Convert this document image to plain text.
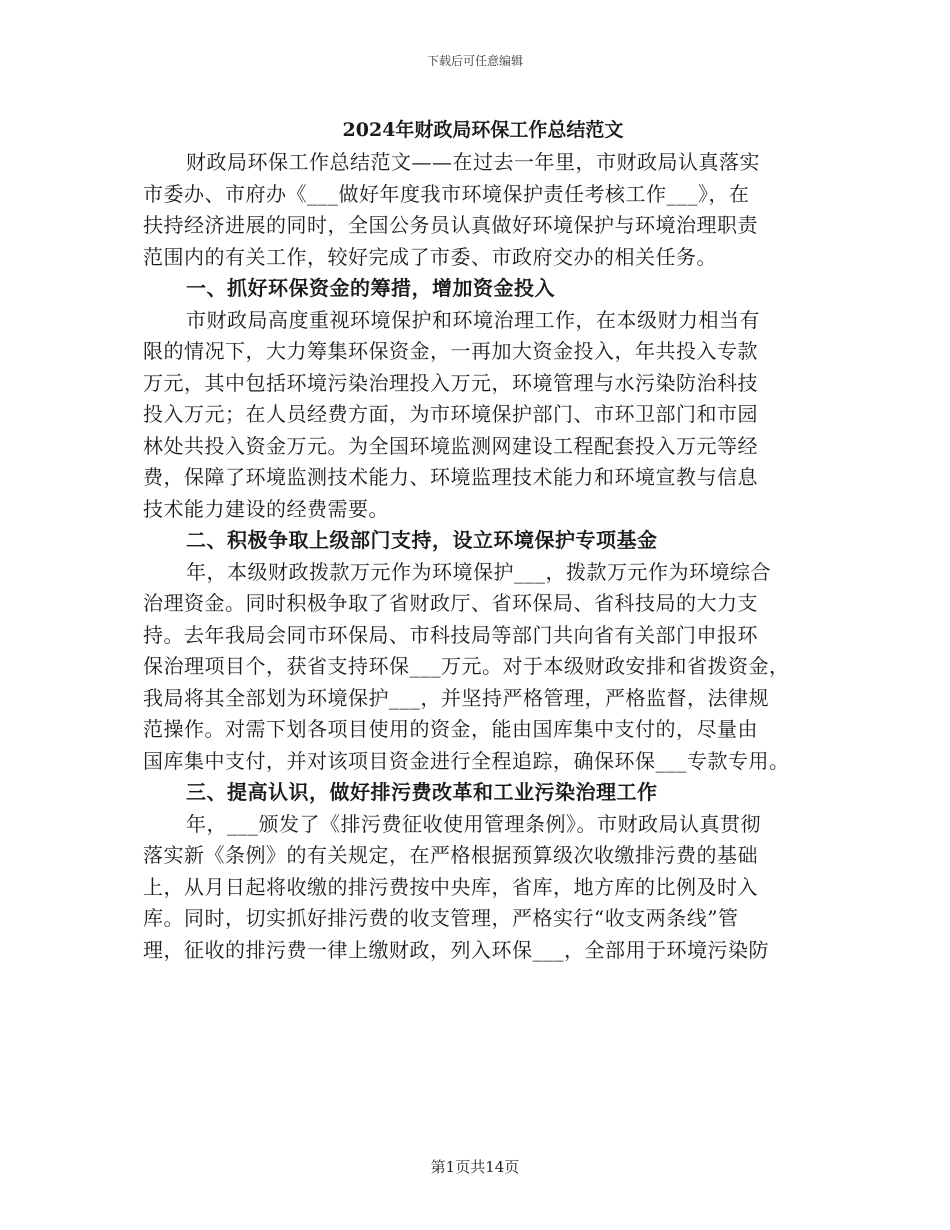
下载后可任意编辑
2024年财政局环保工作总结范文
财政局环保工作总结范文——在过去一年里，市财政局认真落实
市委办、市府办《___做好年度我市环境保护责任考核工作___》，在
扶持经济进展的同时，全国公务员认真做好环境保护与环境治理职责
范围内的有关工作，较好完成了市委、市政府交办的相关任务。
一、抓好环保资金的筹措，增加资金投入
市财政局高度重视环境保护和环境治理工作，在本级财力相当有
限的情况下，大力筹集环保资金，一再加大资金投入，年共投入专款
万元，其中包括环境污染治理投入万元，环境管理与水污染防治科技
投入万元；在人员经费方面，为市环境保护部门、市环卫部门和市园
林处共投入资金万元。为全国环境监测网建设工程配套投入万元等经
费，保障了环境监测技术能力、环境监理技术能力和环境宣教与信息
技术能力建设的经费需要。
二、积极争取上级部门支持，设立环境保护专项基金
年，本级财政拨款万元作为环境保护___，拨款万元作为环境综合
治理资金。同时积极争取了省财政厅、省环保局、省科技局的大力支
持。去年我局会同市环保局、市科技局等部门共向省有关部门申报环
保治理项目个，获省支持环保___万元。对于本级财政安排和省拨资金，
我局将其全部划为环境保护___，并坚持严格管理，严格监督，法律规
范操作。对需下划各项目使用的资金，能由国库集中支付的，尽量由
国库集中支付，并对该项目资金进行全程追踪，确保环保___专款专用。
三、提高认识，做好排污费改革和工业污染治理工作
年，___颁发了《排污费征收使用管理条例》。市财政局认真贯彻
落实新《条例》的有关规定，在严格根据预算级次收缴排污费的基础
上，从月日起将收缴的排污费按中央库，省库，地方库的比例及时入
库。同时，切实抓好排污费的收支管理，严格实行“收支两条线”管
理，征收的排污费一律上缴财政，列入环保___，全部用于环境污染防
第1页共14页
